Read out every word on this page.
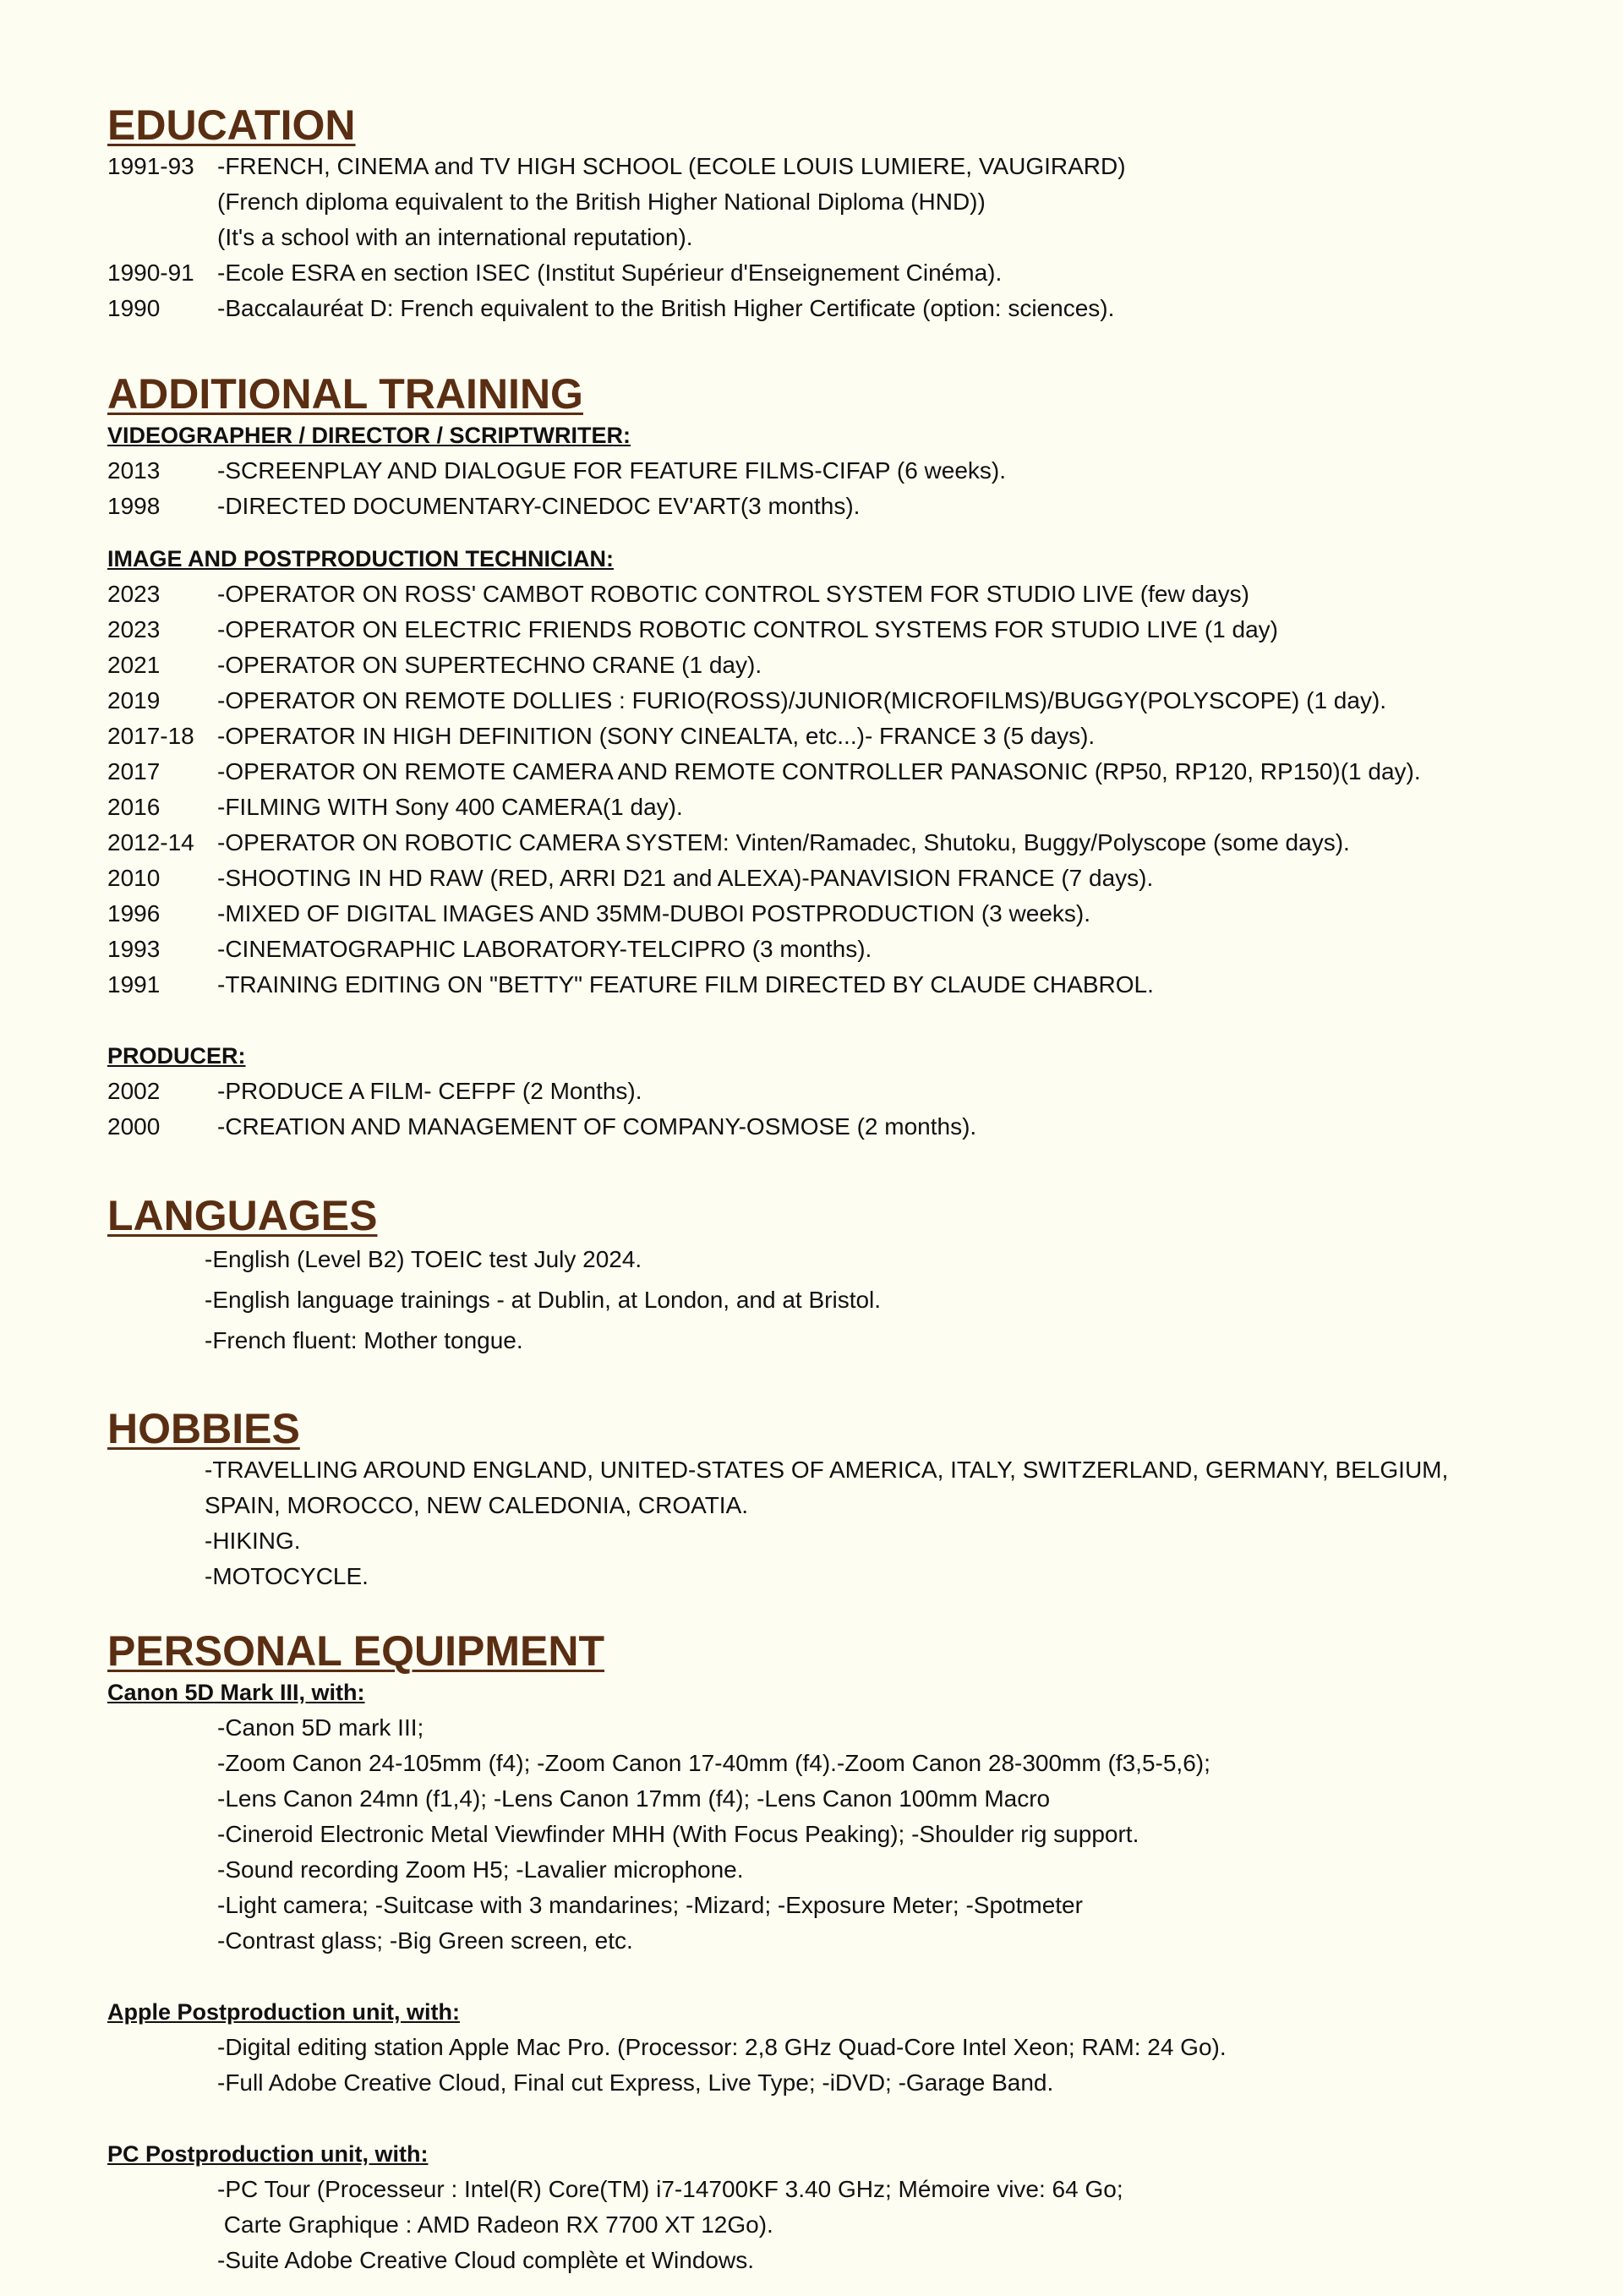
EDUCATION
1991-93 -FRENCH, CINEMA and TV HIGH SCHOOL (ECOLE LOUIS LUMIERE, VAUGIRARD)
(French diploma equivalent to the British Higher National Diploma (HND))
(It's a school with an international reputation).
1990-91 -Ecole ESRA en section ISEC (Institut Supérieur d'Enseignement Cinéma).
1990	-Baccalauréat D: French equivalent to the British Higher Certificate (option: sciences).
ADDITIONAL TRAINING
VIDEOGRAPHER / DIRECTOR / SCRIPTWRITER:
2013	-SCREENPLAY AND DIALOGUE FOR FEATURE FILMS-CIFAP (6 weeks).
1998	-DIRECTED DOCUMENTARY-CINEDOC EV'ART(3 months).
IMAGE AND POSTPRODUCTION TECHNICIAN:
2023	-OPERATOR ON ROSS' CAMBOT ROBOTIC CONTROL SYSTEM FOR STUDIO LIVE (few days)
2023	-OPERATOR ON ELECTRIC FRIENDS ROBOTIC CONTROL SYSTEMS FOR STUDIO LIVE (1 day)
2021	-OPERATOR ON SUPERTECHNO CRANE (1 day).
2019	-OPERATOR ON REMOTE DOLLIES : FURIO(ROSS)/JUNIOR(MICROFILMS)/BUGGY(POLYSCOPE) (1 day).
2017-18 -OPERATOR IN HIGH DEFINITION (SONY CINEALTA, etc...)- FRANCE 3 (5 days).
2017	-OPERATOR ON REMOTE CAMERA AND REMOTE CONTROLLER PANASONIC (RP50, RP120, RP150)(1 day).
2016	-FILMING WITH Sony 400 CAMERA(1 day).
2012-14 -OPERATOR ON ROBOTIC CAMERA SYSTEM: Vinten/Ramadec, Shutoku, Buggy/Polyscope (some days).
2010	-SHOOTING IN HD RAW (RED, ARRI D21 and ALEXA)-PANAVISION FRANCE (7 days).
1996	-MIXED OF DIGITAL IMAGES AND 35MM-DUBOI POSTPRODUCTION (3 weeks).
1993	-CINEMATOGRAPHIC LABORATORY-TELCIPRO (3 months).
1991	-TRAINING EDITING ON "BETTY" FEATURE FILM DIRECTED BY CLAUDE CHABROL.
PRODUCER:
2002	-PRODUCE A FILM- CEFPF (2 Months).
2000	-CREATION AND MANAGEMENT OF COMPANY-OSMOSE (2 months).
LANGUAGES
-English (Level B2) TOEIC test July 2024.
-English language trainings - at Dublin, at London, and at Bristol.
-French fluent: Mother tongue.
HOBBIES
-TRAVELLING AROUND ENGLAND, UNITED-STATES OF AMERICA, ITALY, SWITZERLAND, GERMANY, BELGIUM,
SPAIN, MOROCCO, NEW CALEDONIA, CROATIA.
-HIKING.
-MOTOCYCLE.
PERSONAL EQUIPMENT
Canon 5D Mark III, with:
-Canon 5D mark III;
-Zoom Canon 24-105mm (f4); -Zoom Canon 17-40mm (f4).-Zoom Canon 28-300mm (f3,5-5,6);
-Lens Canon 24mn (f1,4); -Lens Canon 17mm (f4); -Lens Canon 100mm Macro
-Cineroid Electronic Metal Viewfinder MHH (With Focus Peaking); -Shoulder rig support.
-Sound recording Zoom H5; -Lavalier microphone.
-Light camera; -Suitcase with 3 mandarines; -Mizard; -Exposure Meter; -Spotmeter
-Contrast glass; -Big Green screen, etc.
Apple Postproduction unit, with:
-Digital editing station Apple Mac Pro. (Processor: 2,8 GHz Quad-Core Intel Xeon; RAM: 24 Go).
-Full Adobe Creative Cloud, Final cut Express, Live Type; -iDVD; -Garage Band.
PC Postproduction unit, with:
-PC Tour (Processeur : Intel(R) Core(TM) i7-14700KF 3.40 GHz; Mémoire vive: 64 Go;
Carte Graphique : AMD Radeon RX 7700 XT 12Go).
-Suite Adobe Creative Cloud complète et Windows.
